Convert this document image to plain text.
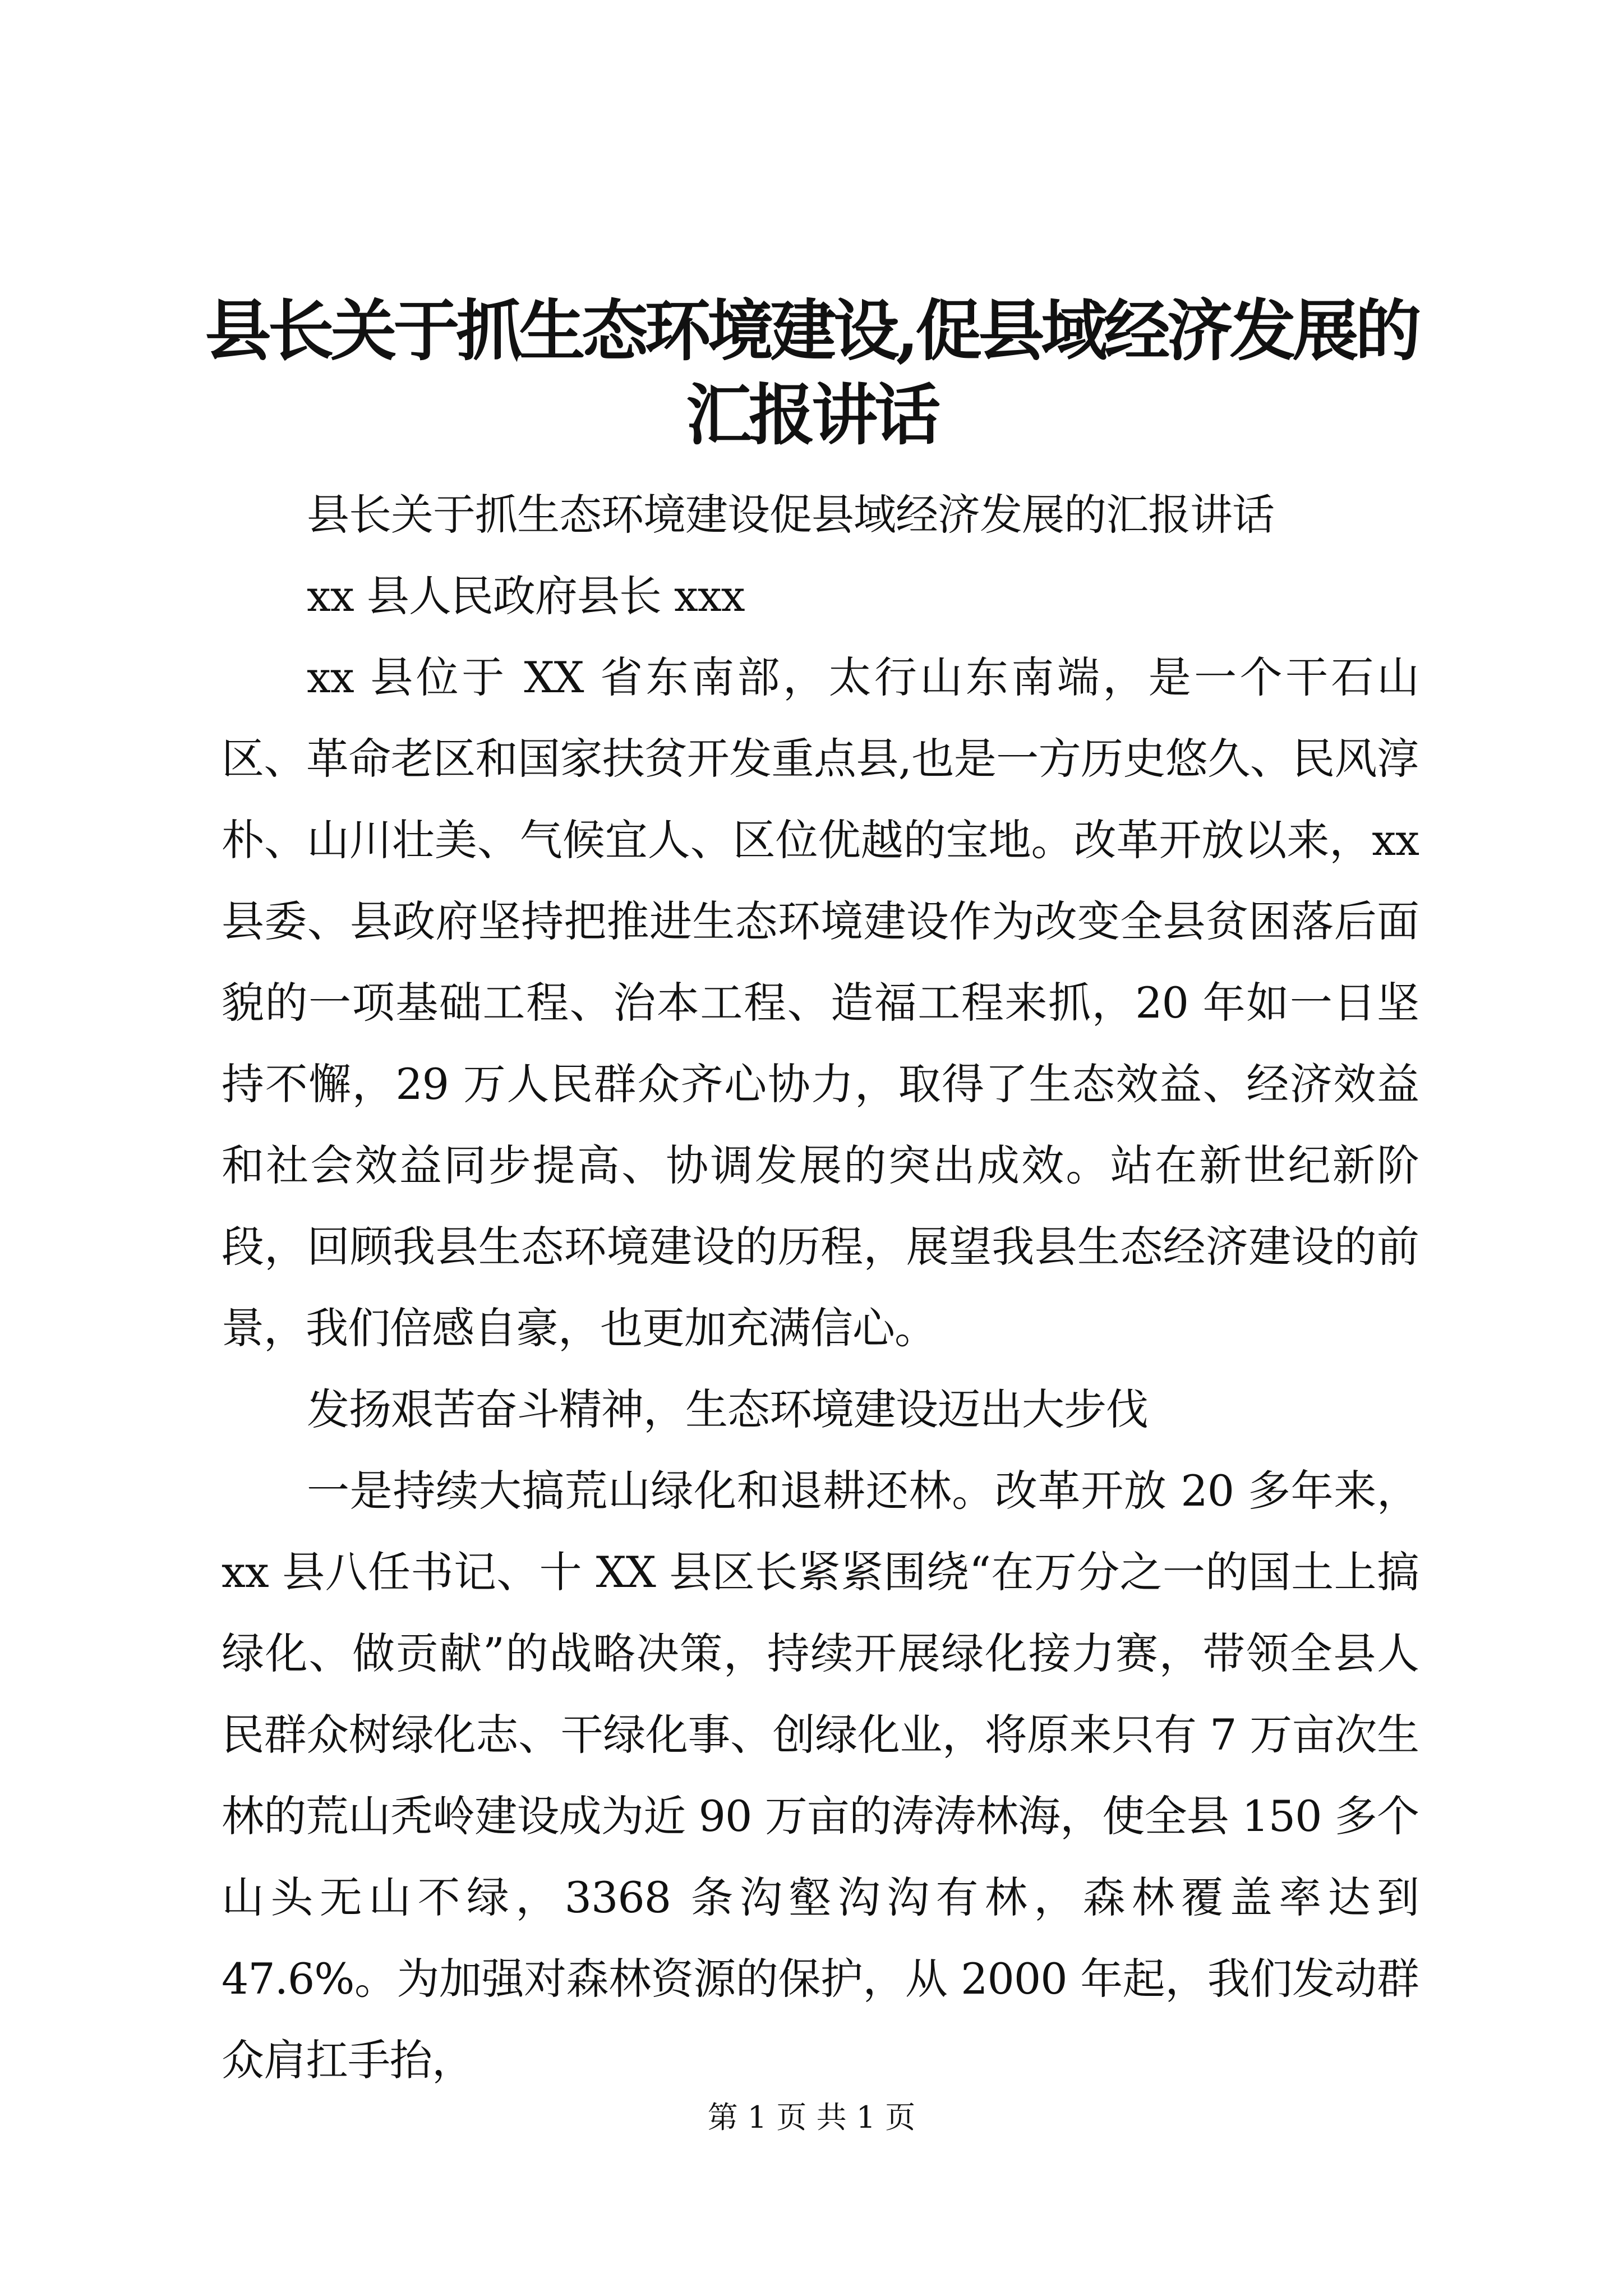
县长关于抓生态环境建设,促县域经济发展的
汇报讲话

县长关于抓生态环境建设促县域经济发展的汇报讲话

xx 县人民政府县长 xxx

xx 县位于 XX 省东南部，太行山东南端，是一个干石山区、革命老区和国家扶贫开发重点县,也是一方历史悠久、民风淳朴、山川壮美、气候宜人、区位优越的宝地。改革开放以来，xx 县委、县政府坚持把推进生态环境建设作为改变全县贫困落后面貌的一项基础工程、治本工程、造福工程来抓，20 年如一日坚持不懈，29 万人民群众齐心协力，取得了生态效益、经济效益和社会效益同步提高、协调发展的突出成效。站在新世纪新阶段，回顾我县生态环境建设的历程，展望我县生态经济建设的前景，我们倍感自豪，也更加充满信心。

发扬艰苦奋斗精神，生态环境建设迈出大步伐

一是持续大搞荒山绿化和退耕还林。改革开放 20 多年来，xx 县八任书记、十 XX 县区长紧紧围绕“在万分之一的国土上搞绿化、做贡献”的战略决策，持续开展绿化接力赛，带领全县人民群众树绿化志、干绿化事、创绿化业，将原来只有 7 万亩次生林的荒山秃岭建设成为近 90 万亩的涛涛林海，使全县 150 多个山头无山不绿，3368 条沟壑沟沟有林，森林覆盖率达到 47.6%。为加强对森林资源的保护，从 2000 年起，我们发动群众肩扛手抬，

第 1 页 共 1 页
